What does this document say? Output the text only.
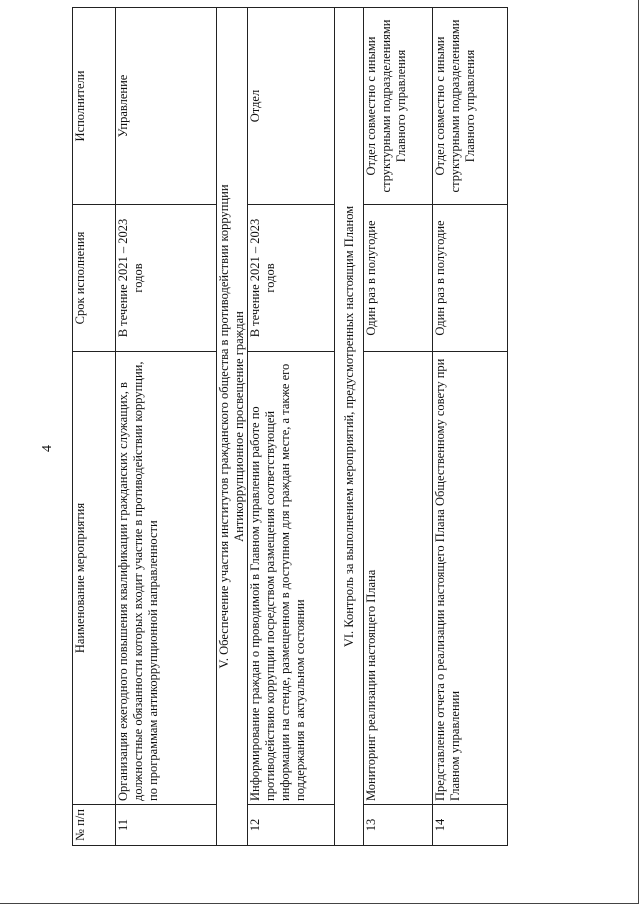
4
№ п/п	Наименование мероприятия	Срок исполнения	Исполнители
11	Организация ежегодного повышения квалификации гражданских служащих, в должностные обязанности которых входит участие в противодействии коррупции, по программам антикоррупционной направленности	В течение 2021 – 2023 годов	Управление

V. Обеспечение участия институтов гражданского общества в противодействии коррупции Антикоррупционное просвещение граждан			

12	Информирование граждан о проводимой в Главном управлении работе по противодействию коррупции посредством размещения соответствующей информации на стенде, размещенном в доступном для граждан месте, а также его поддержания в актуальном состоянии	В течение 2021 – 2023 годов	Отдел
VI. Контроль за выполнением мероприятий, предусмотренных настоящим Планом			
13	Мониторинг реализации настоящего Плана	Один раз в полугодие	Отдел совместно с иными структурными подразделениями Главного управления
14	Представление отчета о реализации настоящего Плана Общественному совету при Главном управлении	Один раз в полугодие	Отдел совместно с иными структурными подразделениями Главного управления
